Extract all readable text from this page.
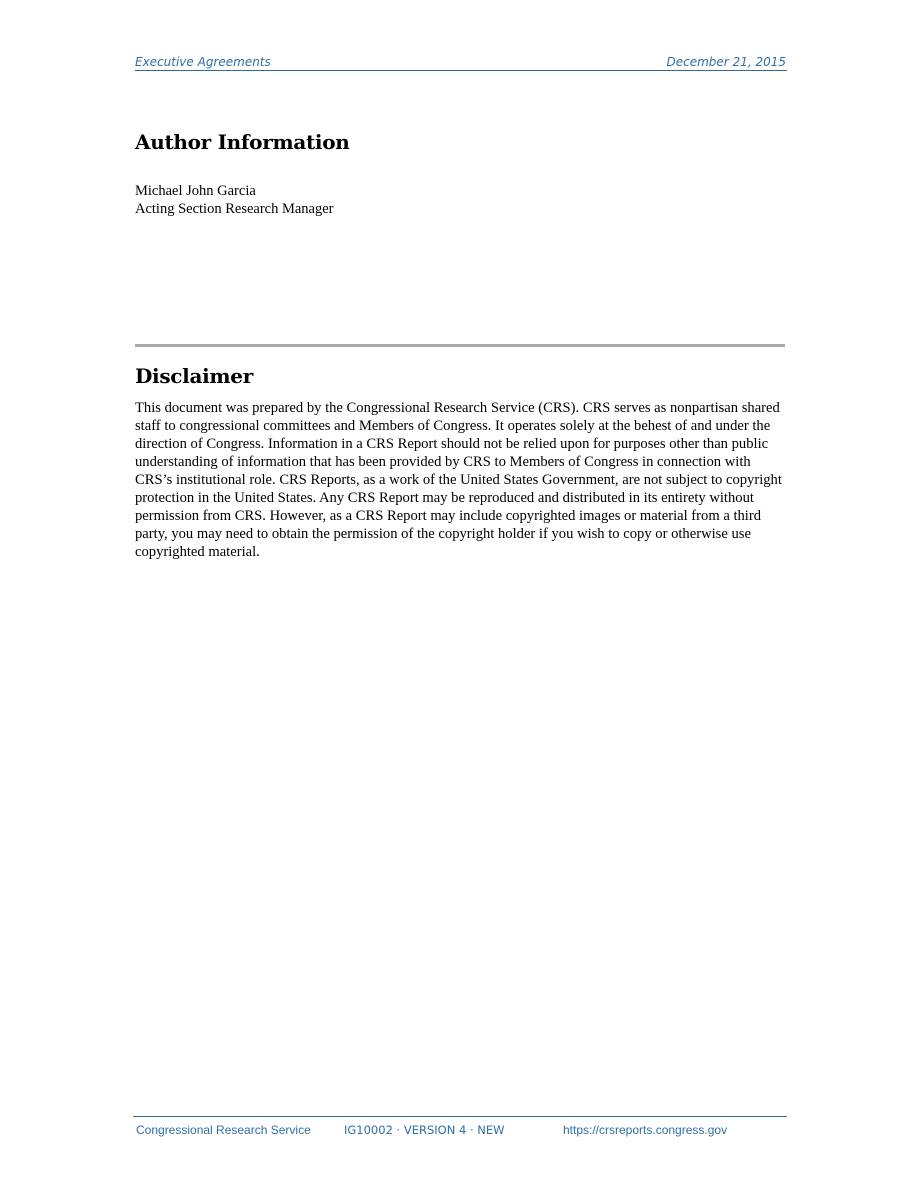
Executive Agreements	December 21, 2015
Author Information
Michael John Garcia
Acting Section Research Manager
Disclaimer

This document was prepared by the Congressional Research Service (CRS). CRS serves as nonpartisan shared staff to congressional committees and Members of Congress. It operates solely at the behest of and under the direction of Congress. Information in a CRS Report should not be relied upon for purposes other than public understanding of information that has been provided by CRS to Members of Congress in connection with CRS’s institutional role. CRS Reports, as a work of the United States Government, are not subject to copyright protection in the United States. Any CRS Report may be reproduced and distributed in its entirety without permission from CRS. However, as a CRS Report may include copyrighted images or material from a third party, you may need to obtain the permission of the copyright holder if you wish to copy or otherwise use copyrighted material.

Congressional Research Service	IG10002 · VERSION 4 · NEW	https://crsreports.congress.gov
